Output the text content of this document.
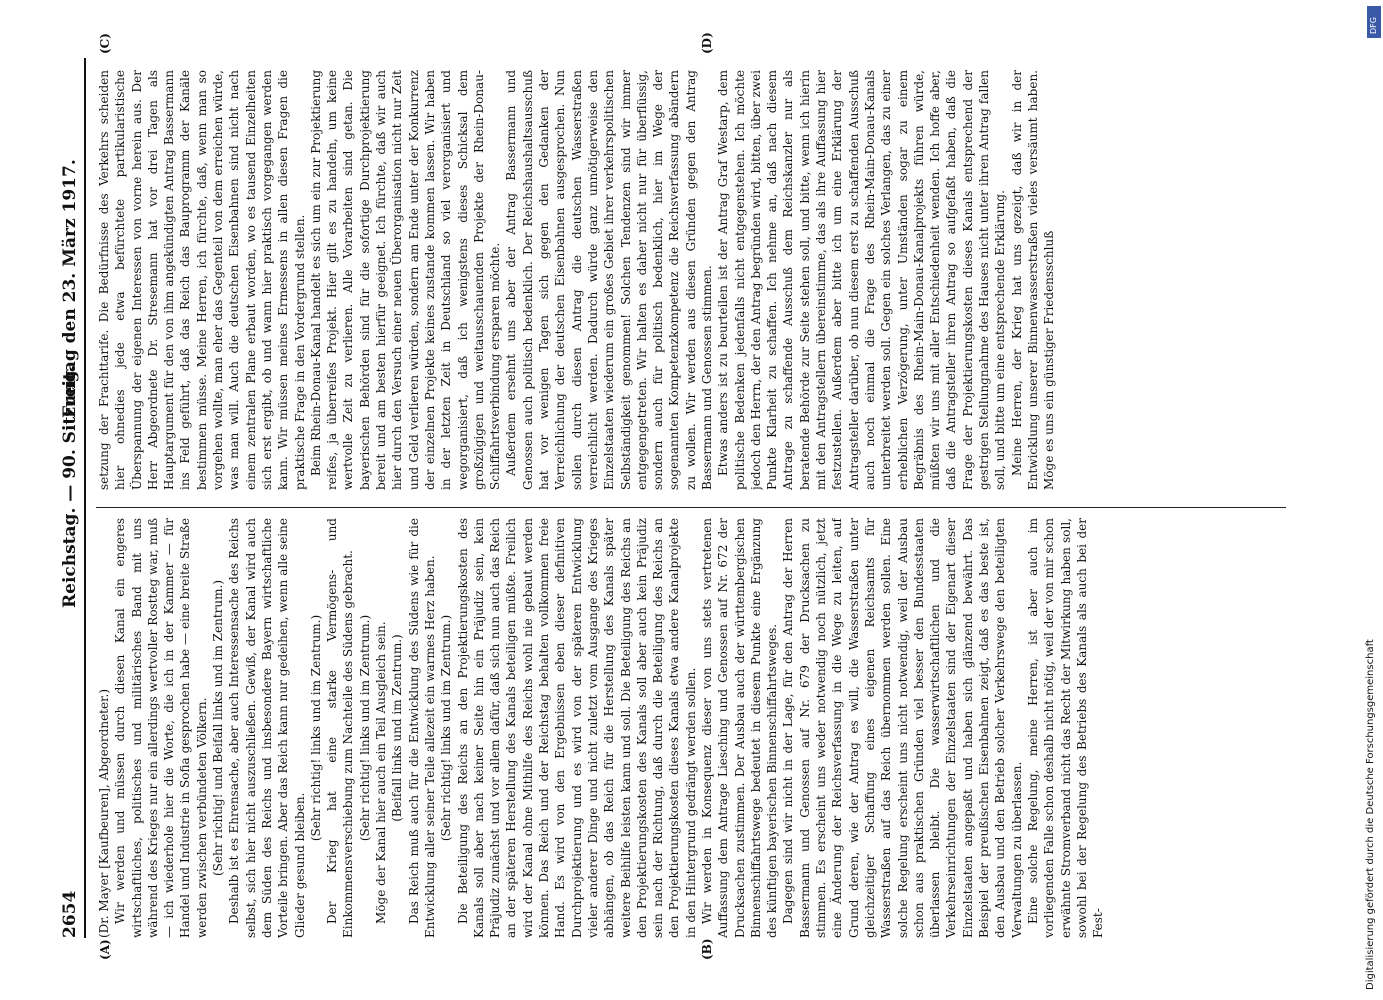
2654
Reichstag. — 90. Sitzung.
Freitag den 23. März 1917.
(A)	(B)
(C)	(D)

(Dr. Mayer [Kaufbeuren], Abgeordneter.) Wir werden und müssen durch diesen Kanal ein engeres wirtschaftliches, politisches und militärisches Band mit uns während des Krieges nur ein allerdings wertvoller Rostteg war, muß — ich wiederhole hier die Worte, die ich in der Kammer — für Handel und Industrie in Sofia gesprochen habe — eine breite Straße werden zwischen verbündeten Völkern. (Sehr richtig! und Beifall links und im Zentrum.) Deshalb ist es Ehrensache, aber auch Interessensache des Reichs selbst, sich hier nicht auszuschließen. Gewiß, der Kanal wird auch dem Süden des Reichs und insbesondere Bayern wirtschaftliche Vorteile bringen. Aber das Reich kann nur gedeihen, wenn alle seine Glieder gesund bleiben.

(Sehr richtig! links und im Zentrum.) Der Krieg hat eine starke Vermögens- und Einkommensverschiebung zum Nachteile des Südens gebracht. (Sehr richtig! links und im Zentrum.) Möge der Kanal hier auch ein Teil Ausgleich sein. (Beifall links und im Zentrum.) Das Reich muß auch für die Entwicklung des Südens wie für die Entwicklung aller seiner Teile allezeit ein warmes Herz haben. (Sehr richtig! links und im Zentrum.) Die Beteiligung des Reichs an den Projektierungskosten des Kanals soll aber nach keiner Seite hin ein Präjudiz sein, kein Präjudiz zunächst und vor allem dafür, daß sich nun auch das Reich an der späteren Herstellung des Kanals beteiligen müßte. Freilich wird der Kanal ohne Mithilfe des Reichs wohl nie gebaut werden können. Das Reich und der Reichstag behalten vollkommen freie Hand. Es wird von den Ergebnissen eben dieser definitiven Durchprojektierung und es wird von der späteren Entwicklung vieler anderer Dinge und nicht zuletzt vom Ausgange des Krieges abhängen, ob das Reich für die Herstellung des Kanals später weitere Beihilfe leisten kann und soll. Die Beteiligung des Reichs an den Projektierungskosten des Kanals soll aber auch kein Präjudiz sein nach der Richtung, daß durch die Beteiligung des Reichs an den Projektierungskosten dieses Kanals etwa andere Kanalprojekte in den Hintergrund gedrängt werden sollen. Wir werden in Konsequenz dieser von uns stets vertretenen Auffassung dem Antrage Liesching und Genossen auf Nr. 672 der Drucksachen zustimmen. Der Ausbau auch der württembergischen Binnenschiffahrtswege bedeutet in diesem Punkte eine Ergänzung des künftigen bayerischen Binnenschiffahrtsweges. Dagegen sind wir nicht in der Lage, für den Antrag der Herren Bassermann und Genossen auf Nr. 679 der Drucksachen zu stimmen. Es erscheint uns weder notwendig noch nützlich, jetzt eine Änderung der Reichsverfassung in die Wege zu leiten, auf Grund deren, wie der Antrag es will, die Wasserstraßen unter gleichzeitiger Schaffung eines eigenen Reichsamts für Wasserstraßen auf das Reich übernommen werden sollen. Eine solche Regelung erscheint uns nicht notwendig, weil der Ausbau schon aus praktischen Gründen viel besser den Bundesstaaten überlassen bleibt. Die wasserwirtschaftlichen und die Verkehrseinrichtungen der Einzelstaaten sind der Eigenart dieser Einzelstaaten angepaßt und haben sich glänzend bewährt. Das Beispiel der preußischen Eisenbahnen zeigt, daß es das beste ist, den Ausbau und den Betrieb solcher Verkehrswege den beteiligten Verwaltungen zu überlassen. Eine solche Regelung, meine Herren, ist aber auch im vorliegenden Falle schon deshalb nicht nötig, weil der von mir schon erwähnte Stromverband nicht das Recht der Mitwirkung haben soll, sowohl bei der Regelung des Betriebs des Kanals als auch bei der Fest-

setzung der Frachttarife. Die Bedürfnisse des Verkehrs scheiden hier ohnedies jede etwa befürchtete partikularistische Überspannung der eigenen Interessen von vorne herein aus. Der Herr Abgeordnete Dr. Stresemann hat vor drei Tagen als Hauptargument für den von ihm angekündigten Antrag Bassermann ins Feld geführt, daß das Reich das Bauprogramm der Kanäle bestimmen müsse. Meine Herren, ich fürchte, daß, wenn man so vorgehen wollte, man eher das Gegenteil von dem erreichen würde, was man will. Auch die deutschen Eisenbahnen sind nicht nach einem zentralen Plane erbaut worden, wo es tausend Einzelheiten sich erst ergibt, ob und wann hier praktisch vorgegangen werden kann. Wir müssen meines Ermessens in allen diesen Fragen die praktische Frage in den Vordergrund stellen. Beim Rhein-Donau-Kanal handelt es sich um ein zur Projektierung reifes, ja überreifes Projekt. Hier gilt es zu handeln, um keine wertvolle Zeit zu verlieren. Alle Vorarbeiten sind getan. Die bayerischen Behörden sind für die sofortige Durchprojektierung bereit und am besten hierfür geeignet. Ich fürchte, daß wir auch hier durch den Versuch einer neuen Überorganisation nicht nur Zeit und Geld verlieren würden, sondern am Ende unter der Konkurrenz der einzelnen Projekte keines zustande kommen lassen. Wir haben in der letzten Zeit in Deutschland so viel verorganisiert und wegorganisiert, daß ich wenigstens dieses Schicksal dem großzügigen und weitausschauenden Projekte der Rhein-Donau-Schiffahrtsverbindung ersparen möchte. Außerdem ersehnt uns aber der Antrag Bassermann und Genossen auch politisch bedenklich. Der Reichshaushaltsausschuß hat vor wenigen Tagen sich gegen den Gedanken der Verreichlichung der deutschen Eisenbahnen ausgesprochen. Nun sollen durch diesen Antrag die deutschen Wasserstraßen verreichlicht werden. Dadurch würde ganz unnötigerweise den Einzelstaaten wiederum ein großes Gebiet ihrer verkehrspolitischen Selbständigkeit genommen! Solchen Tendenzen sind wir immer entgegengetreten. Wir halten es daher nicht nur für überflüssig, sondern auch für politisch bedenklich, hier im Wege der sogenannten Kompetenzkompetenz die Reichsverfassung abändern zu wollen. Wir werden aus diesen Gründen gegen den Antrag Bassermann und Genossen stimmen. Etwas anders ist zu beurteilen ist der Antrag Graf Westarp, dem politische Bedenken jedenfalls nicht entgegenstehen. Ich möchte jedoch den Herrn, der den Antrag begründen wird, bitten, über zwei Punkte Klarheit zu schaffen. Ich nehme an, daß nach diesem Antrage zu schaffende Ausschuß dem Reichskanzler nur als beratende Behörde zur Seite stehen soll, und bitte, wenn ich hierin mit den Antragstellern übereinstimme, das als ihre Auffassung hier festzustellen. Außerdem aber bitte ich um eine Erklärung der Antragsteller darüber, ob nun diesem erst zu schaffenden Ausschuß auch noch einmal die Frage des Rhein-Main-Donau-Kanals unterbreitet werden soll. Gegen ein solches Verlangen, das zu einer erheblichen Verzögerung, unter Umständen sogar zu einem Begräbnis des Rhein-Main-Donau-Kanalprojekts führen würde, müßten wir uns mit aller Entschiedenheit wenden. Ich hoffe aber, daß die Antragsteller ihren Antrag so aufgefaßt haben, daß die Frage der Projektierungskosten dieses Kanals entsprechend der gestrigen Stellungnahme des Hauses nicht unter ihren Antrag fallen soll, und bitte um eine entsprechende Erklärung. Meine Herren, der Krieg hat uns gezeigt, daß wir in der Entwicklung unserer Binnenwasserstraßen vieles versäumt haben. Möge es uns ein günstiger Friedensschluß

DFG
Digitalisierung gefördert durch die Deutsche Forschungsgemeinschaft
